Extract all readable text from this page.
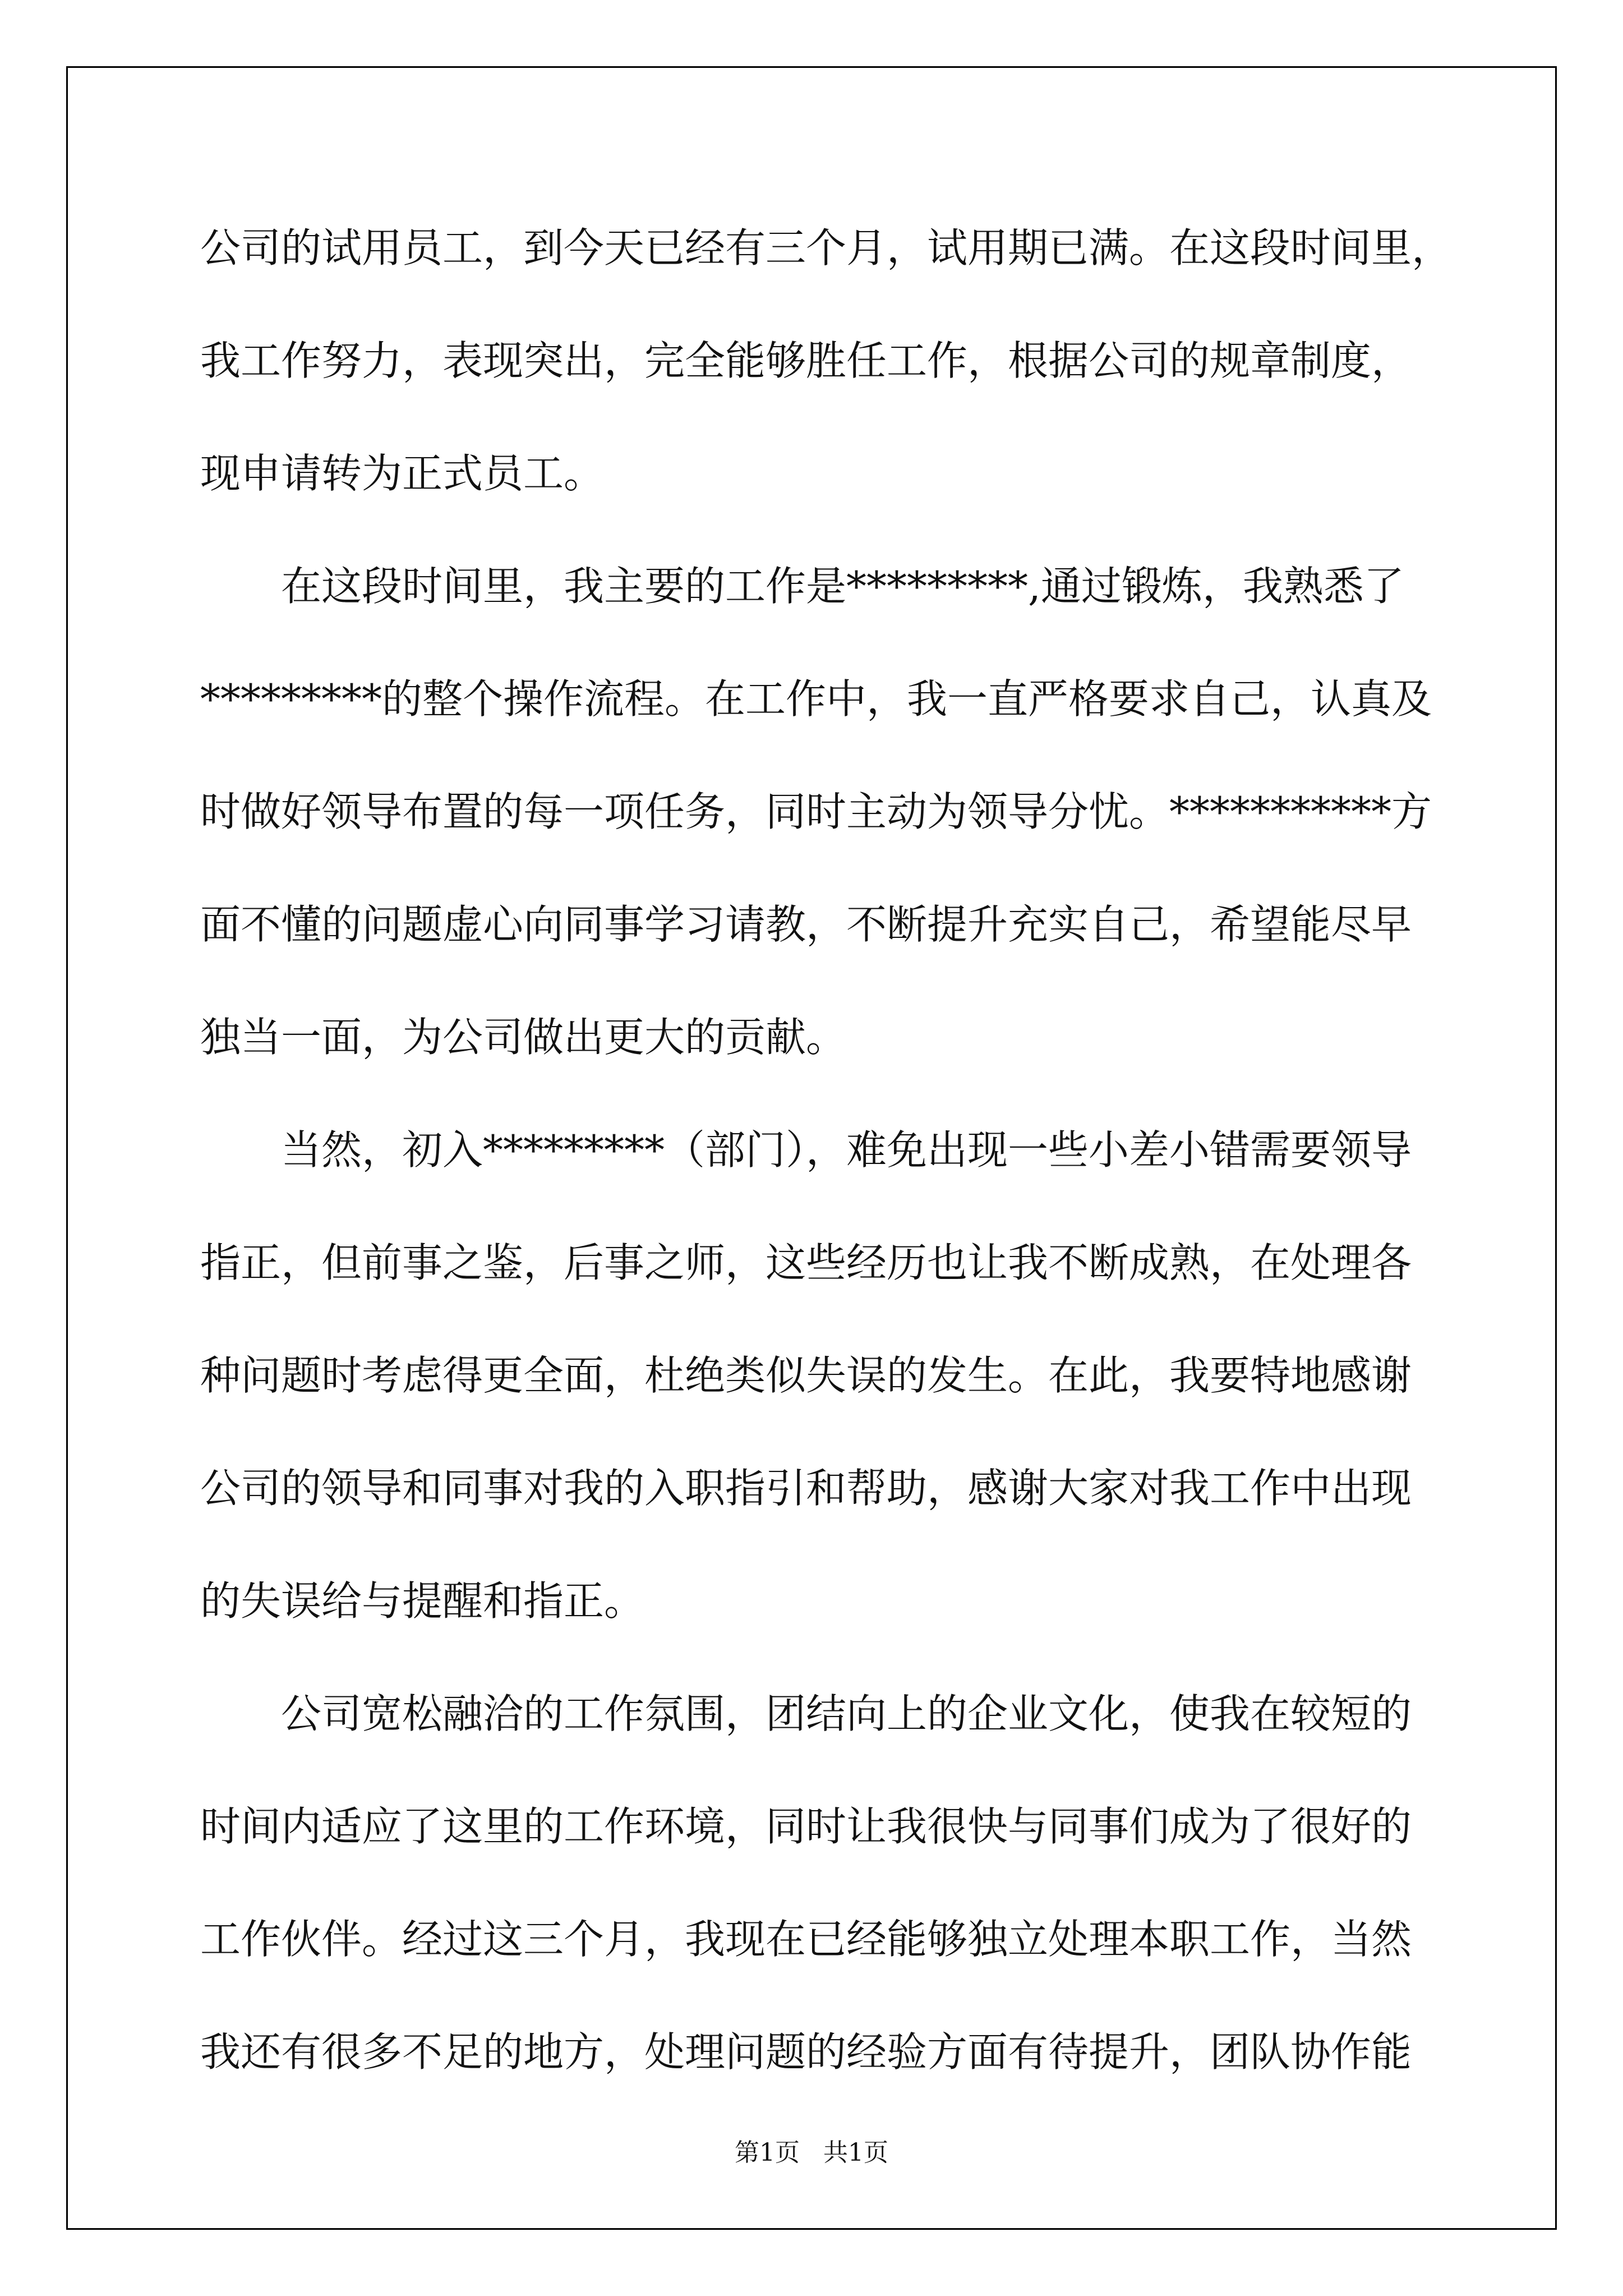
公司的试用员工，到今天已经有三个月，试用期已满。在这段时间里，
我工作努力，表现突出，完全能够胜任工作，根据公司的规章制度，
现申请转为正式员工。
　　在这段时间里，我主要的工作是*********,通过锻炼，我熟悉了
*********的整个操作流程。在工作中，我一直严格要求自己，认真及
时做好领导布置的每一项任务，同时主动为领导分忧。***********方
面不懂的问题虚心向同事学习请教，不断提升充实自己，希望能尽早
独当一面，为公司做出更大的贡献。
　　当然，初入*********（部门），难免出现一些小差小错需要领导
指正，但前事之鉴，后事之师，这些经历也让我不断成熟，在处理各
种问题时考虑得更全面，杜绝类似失误的发生。在此，我要特地感谢
公司的领导和同事对我的入职指引和帮助，感谢大家对我工作中出现
的失误给与提醒和指正。
　　公司宽松融洽的工作氛围，团结向上的企业文化，使我在较短的
时间内适应了这里的工作环境，同时让我很快与同事们成为了很好的
工作伙伴。经过这三个月，我现在已经能够独立处理本职工作，当然
我还有很多不足的地方，处理问题的经验方面有待提升，团队协作能
第1页   共1页
